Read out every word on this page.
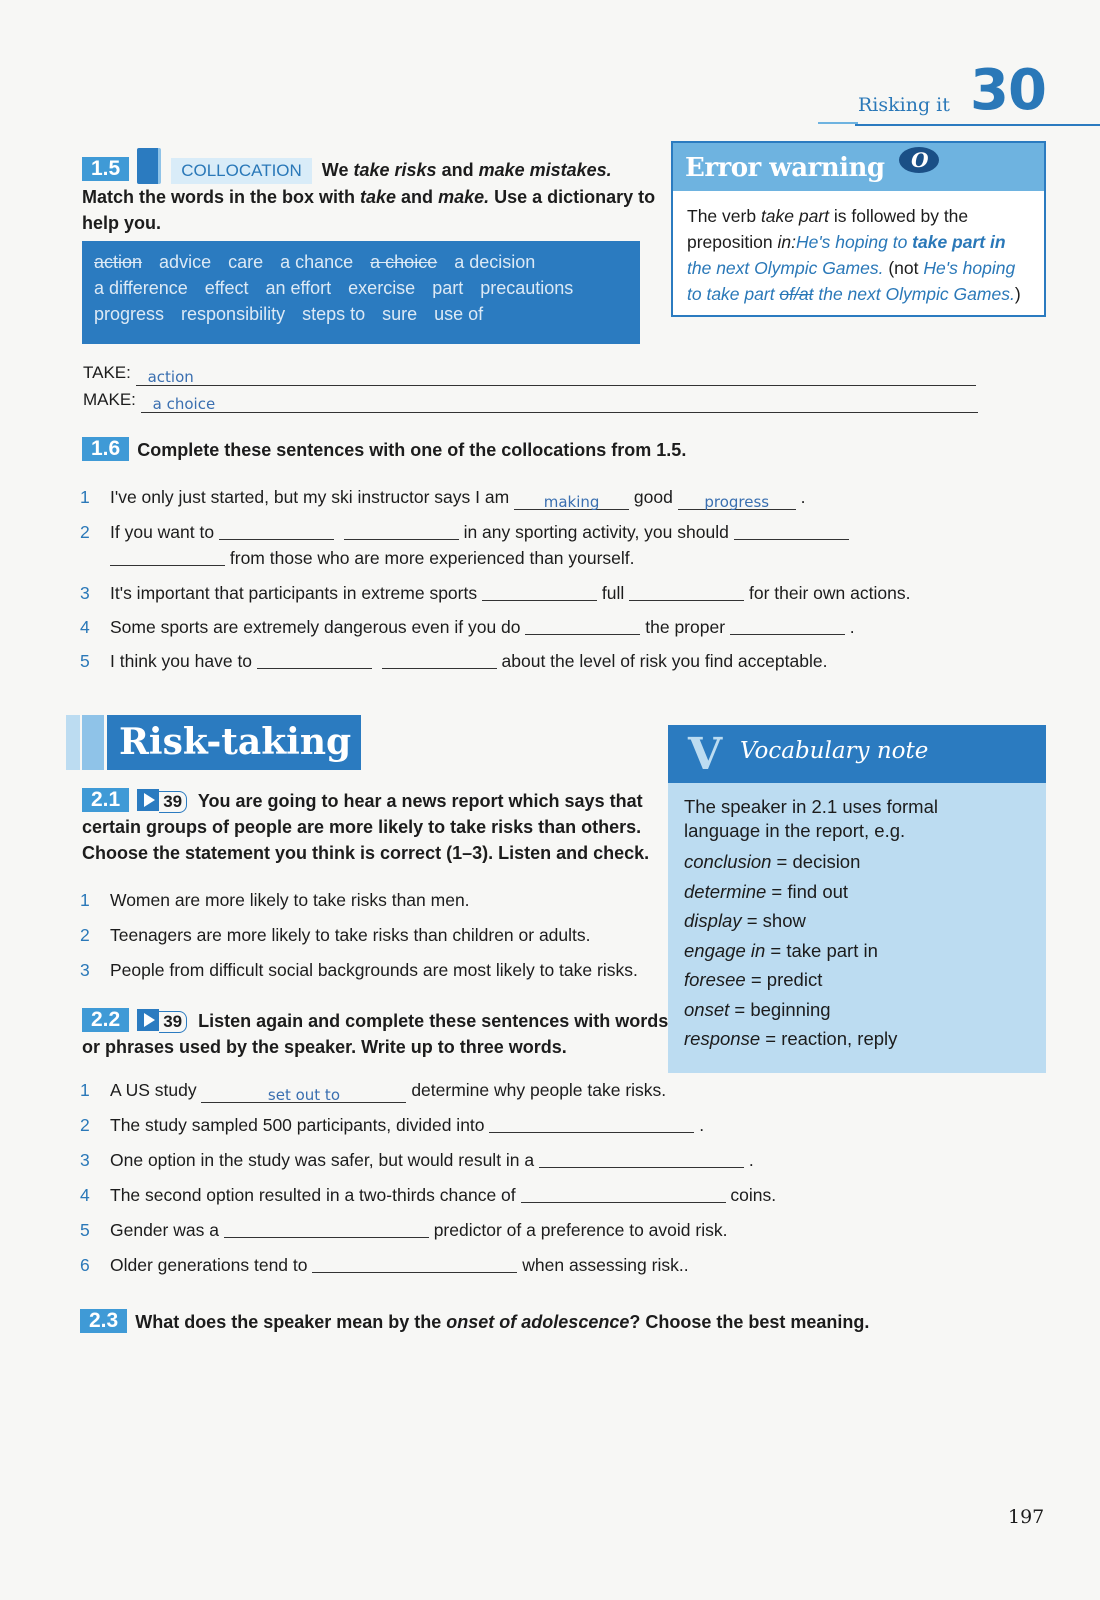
Risking it 30
1.5	COLLOCATION We take risks and make mistakes.
Match the words in the box with take and make. Use a dictionary to
help you.
action advice care a chance a choice a decision
a difference effect an effort exercise part precautions
progress responsibility steps to sure use of
TAKE: action
MAKE: a choice
Error warning O
The verb take part is followed by the
preposition in:He's hoping to take part in
the next Olympic Games. (not He's hoping
to take part of/at the next Olympic Games.)
1.6 Complete these sentences with one of the collocations from 1.5.
1 I've only just started, but my ski instructor says I am making good progress .
2 If you want to	in any sporting activity, you should
from those who are more experienced than yourself.
3 It's important that participants in extreme sports	full	for their own actions.
4 Some sports are extremely dangerous even if you do	the proper	.
5 I think you have to	about the level of risk you find acceptable.
Risk-taking
2.1	39 You are going to hear a news report which says that
certain groups of people are more likely to take risks than others.
Choose the statement you think is correct (1–3). Listen and check.
1 Women are more likely to take risks than men.
2 Teenagers are more likely to take risks than children or adults.
3 People from difficult social backgrounds are most likely to take risks.
2.2	39 Listen again and complete these sentences with words
or phrases used by the speaker. Write up to three words.
1 A US study	set out to	determine why people take risks.
2 The study sampled 500 participants, divided into	.
3 One option in the study was safer, but would result in a	.
4 The second option resulted in a two-thirds chance of	coins.
5 Gender was a	predictor of a preference to avoid risk.
6 Older generations tend to	when assessing risk..
2.3 What does the speaker mean by the onset of adolescence? Choose the best meaning.
V Vocabulary note
The speaker in 2.1 uses formal
language in the report, e.g.
conclusion = decision
determine = find out
display = show
engage in = take part in
foresee = predict
onset = beginning
response = reaction, reply
197
